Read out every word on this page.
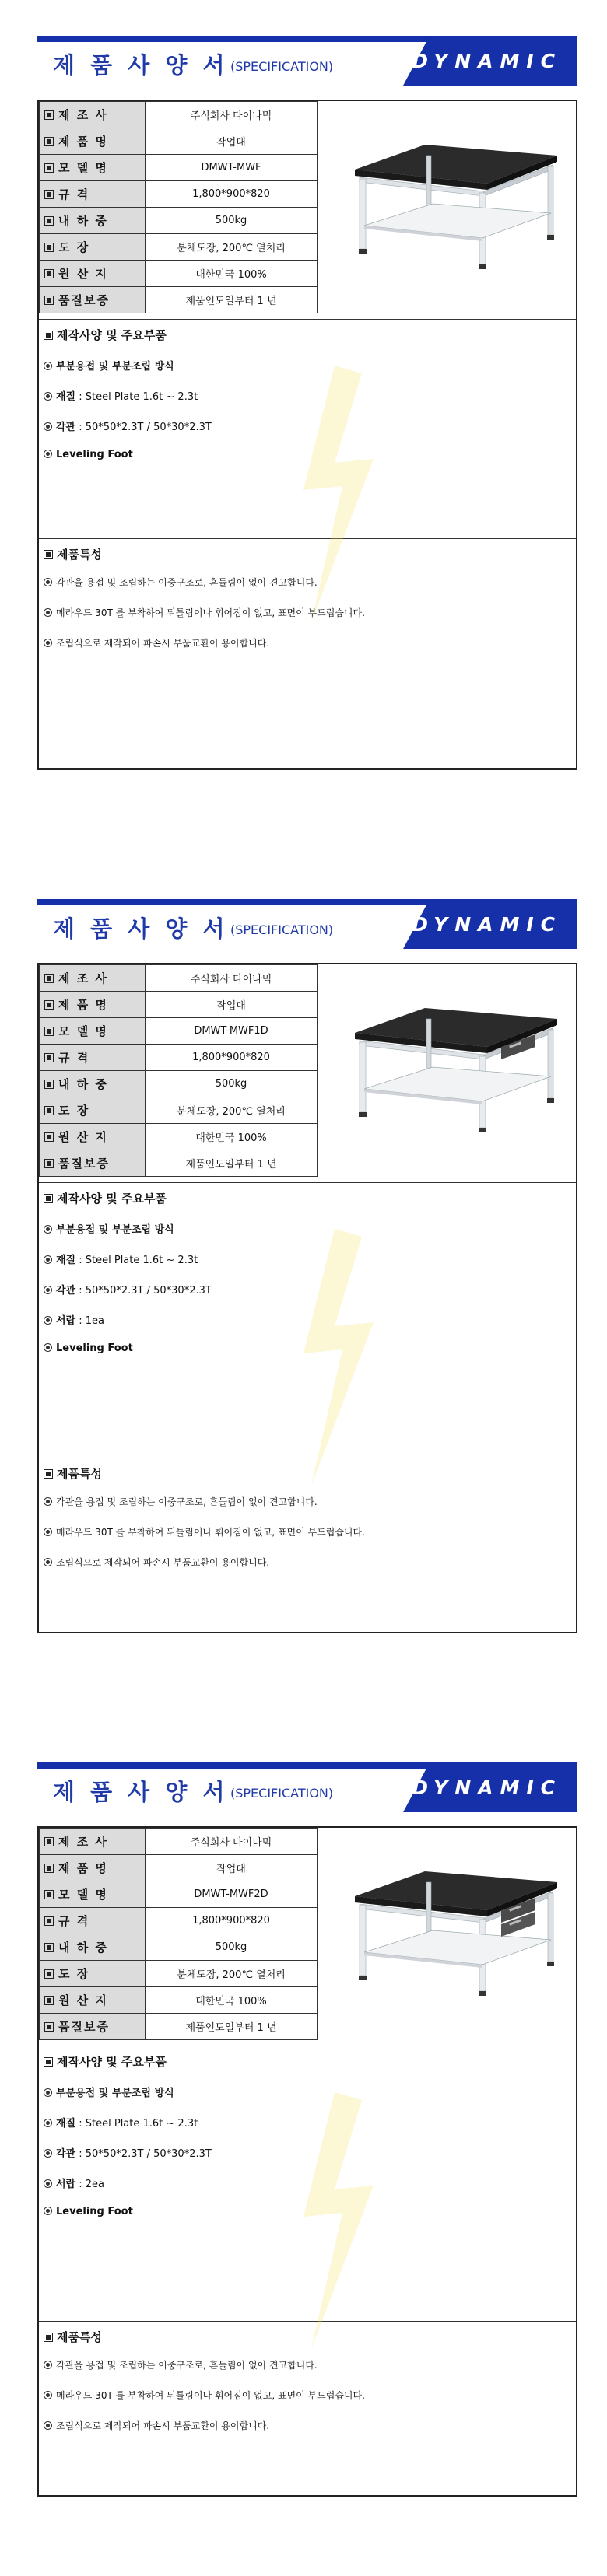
제 품 사 양 서 (SPECIFICATION)	DYNAMIC
제 조 사	주식회사 다이나믹
제 품 명	작업대
모 델 명	DMWT-MWF
규 격	1,800*900*820
내 하 중	500kg
도 장	분체도장, 200℃ 열처리
원 산 지	대한민국 100%
품질보증	제품인도일부터 1 년
제작사양 및 주요부품
부분용접 및 부분조립 방식
재질 : Steel Plate 1.6t ~ 2.3t
각관 : 50*50*2.3T / 50*30*2.3T
Leveling Foot
제품특성
각관을 용접 및 조립하는 이중구조로, 흔들림이 없이 견고합니다.
메라우드 30T 를 부착하여 뒤틀림이나 휘어짐이 없고, 표면이 부드럽습니다.
조립식으로 제작되어 파손시 부품교환이 용이합니다.
제 품 사 양 서 (SPECIFICATION)	DYNAMIC
제 조 사	주식회사 다이나믹
제 품 명	작업대
모 델 명	DMWT-MWF1D
규 격	1,800*900*820
내 하 중	500kg
도 장	분체도장, 200℃ 열처리
원 산 지	대한민국 100%
품질보증	제품인도일부터 1 년
제작사양 및 주요부품
부분용접 및 부분조립 방식
재질 : Steel Plate 1.6t ~ 2.3t
각관 : 50*50*2.3T / 50*30*2.3T
서랍 : 1ea
Leveling Foot
제품특성
각관을 용접 및 조립하는 이중구조로, 흔들림이 없이 견고합니다.
메라우드 30T 를 부착하여 뒤틀림이나 휘어짐이 없고, 표면이 부드럽습니다.
조립식으로 제작되어 파손시 부품교환이 용이합니다.
제 품 사 양 서 (SPECIFICATION)	DYNAMIC
제 조 사	주식회사 다이나믹
제 품 명	작업대
모 델 명	DMWT-MWF2D
규 격	1,800*900*820
내 하 중	500kg
도 장	분체도장, 200℃ 열처리
원 산 지	대한민국 100%
품질보증	제품인도일부터 1 년
제작사양 및 주요부품
부분용접 및 부분조립 방식
재질 : Steel Plate 1.6t ~ 2.3t
각관 : 50*50*2.3T / 50*30*2.3T
서랍 : 2ea
Leveling Foot
제품특성
각관을 용접 및 조립하는 이중구조로, 흔들림이 없이 견고합니다.
메라우드 30T 를 부착하여 뒤틀림이나 휘어짐이 없고, 표면이 부드럽습니다.
조립식으로 제작되어 파손시 부품교환이 용이합니다.
